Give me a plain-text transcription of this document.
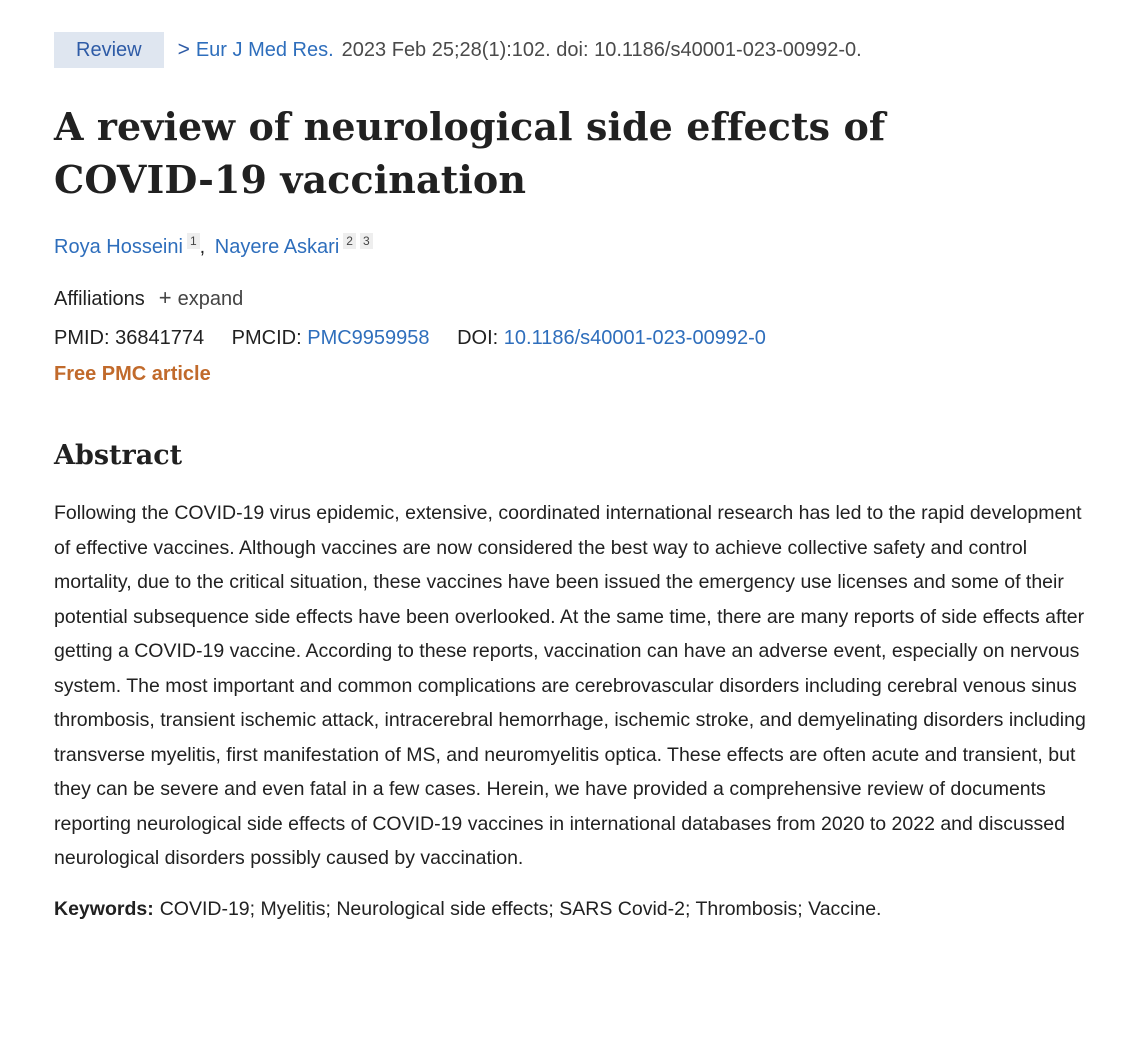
Review	> Eur J Med Res. 2023 Feb 25;28(1):102. doi: 10.1186/s40001-023-00992-0.
A review of neurological side effects of COVID-19 vaccination
Roya Hosseini 1 , Nayere Askari 2 3
Affiliations + expand
PMID: 36841774 PMCID: PMC9959958 DOI: 10.1186/s40001-023-00992-0
Free PMC article
Abstract
Following the COVID-19 virus epidemic, extensive, coordinated international research has led to the rapid development of effective vaccines. Although vaccines are now considered the best way to achieve collective safety and control mortality, due to the critical situation, these vaccines have been issued the emergency use licenses and some of their potential subsequence side effects have been overlooked. At the same time, there are many reports of side effects after getting a COVID-19 vaccine. According to these reports, vaccination can have an adverse event, especially on nervous system. The most important and common complications are cerebrovascular disorders including cerebral venous sinus thrombosis, transient ischemic attack, intracerebral hemorrhage, ischemic stroke, and demyelinating disorders including transverse myelitis, first manifestation of MS, and neuromyelitis optica. These effects are often acute and transient, but they can be severe and even fatal in a few cases. Herein, we have provided a comprehensive review of documents reporting neurological side effects of COVID-19 vaccines in international databases from 2020 to 2022 and discussed neurological disorders possibly caused by vaccination.
Keywords: COVID-19; Myelitis; Neurological side effects; SARS Covid-2; Thrombosis; Vaccine.
